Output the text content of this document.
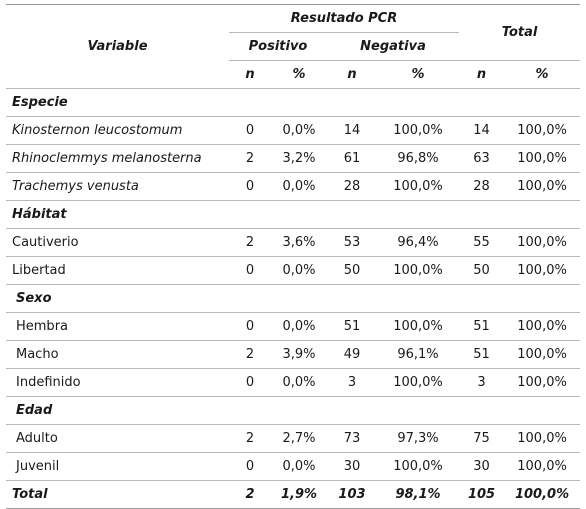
Variable	Resultado PCR				Total	
	Positivo		Negativa			
	n	%	n	%	n	%
Especie						
Kinosternon leucostomum	0	0,0%	14	100,0%	14	100,0%
Rhinoclemmys melanosterna	2	3,2%	61	96,8%	63	100,0%
Trachemys venusta	0	0,0%	28	100,0%	28	100,0%
Hábitat						
Cautiverio	2	3,6%	53	96,4%	55	100,0%
Libertad	0	0,0%	50	100,0%	50	100,0%
Sexo						
Hembra	0	0,0%	51	100,0%	51	100,0%
Macho	2	3,9%	49	96,1%	51	100,0%
Indefinido	0	0,0%	3	100,0%	3	100,0%
Edad						
Adulto	2	2,7%	73	97,3%	75	100,0%
Juvenil	0	0,0%	30	100,0%	30	100,0%
Total	2	1,9%	103	98,1%	105	100,0%
